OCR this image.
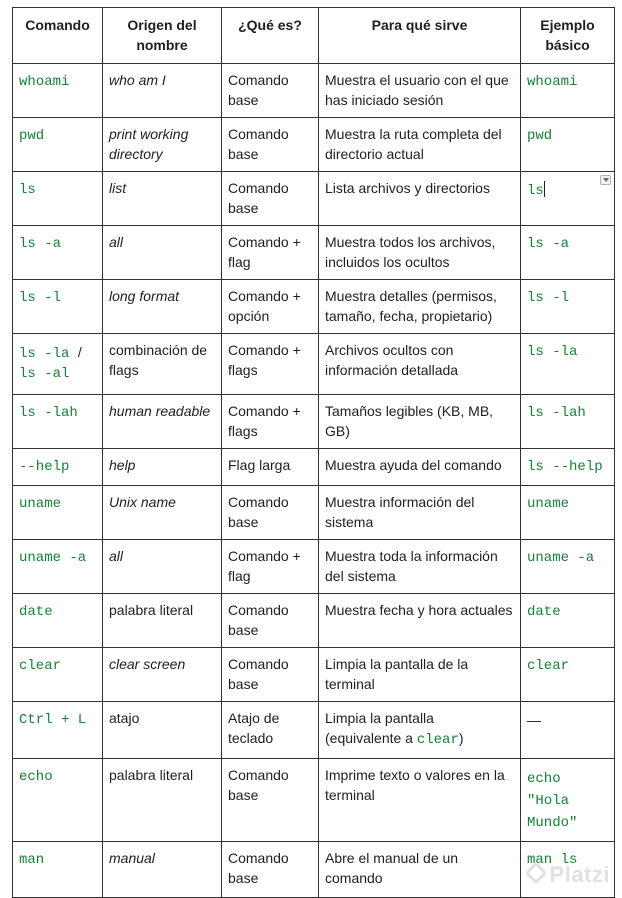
Comando	Origen del nombre	¿Qué es?	Para qué sirve	Ejemplo básico
whoami	who am I	Comando base	Muestra el usuario con el que has iniciado sesión	whoami
pwd	print working directory	Comando base	Muestra la ruta completa del directorio actual	pwd
ls	list	Comando base	Lista archivos y directorios	ls

ls -a	all	Comando + flag	Muestra todos los archivos, incluidos los ocultos	ls -a
ls -l	long format	Comando + opción	Muestra detalles (permisos, tamaño, fecha, propietario)	ls -l
ls -la / ls -al	combinación de flags	Comando + flags	Archivos ocultos con información detallada	ls -la
ls -lah	human readable	Comando + flags	Tamaños legibles (KB, MB, GB)	ls -lah
--help	help	Flag larga	Muestra ayuda del comando	ls --help
uname	Unix name	Comando base	Muestra información del sistema	uname
uname -a	all	Comando + flag	Muestra toda la información del sistema	uname -a
date	palabra literal	Comando base	Muestra fecha y hora actuales	date
clear	clear screen	Comando base	Limpia la pantalla de la terminal	clear
Ctrl + L	atajo	Atajo de teclado	Limpia la pantalla (equivalente a clear)	—
echo	palabra literal	Comando base	Imprime texto o valores en la terminal	echo "Hola Mundo"
man	manual	Comando base	Abre el manual de un comando	man ls
Platzi
